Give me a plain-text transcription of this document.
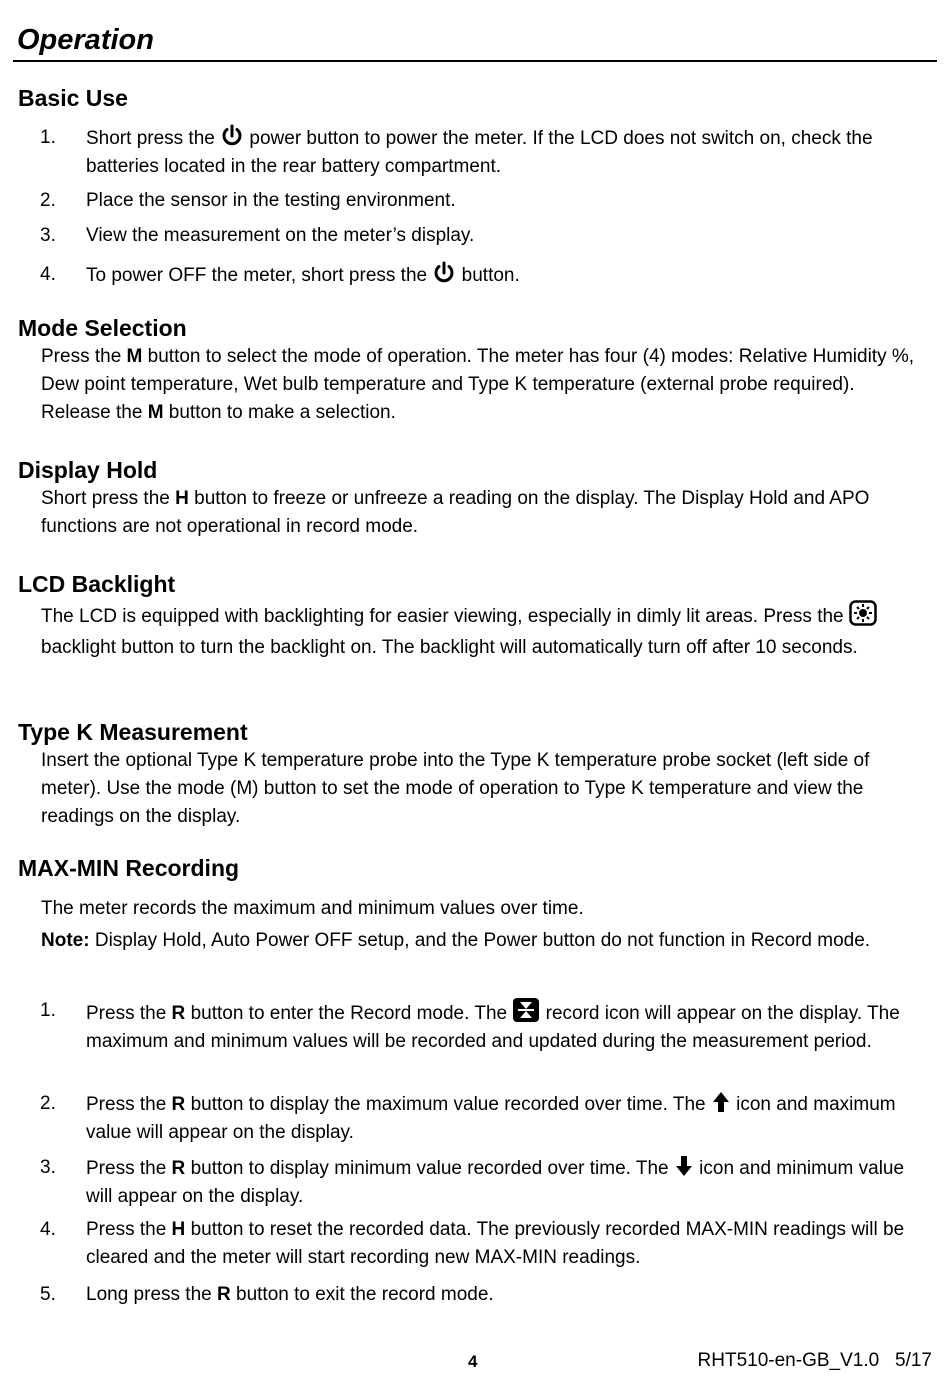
Operation
Basic Use
1. Short press the power button to power the meter. If the LCD does not switch on, check the batteries located in the rear battery compartment.
2. Place the sensor in the testing environment.
3. View the measurement on the meter’s display.
4. To power OFF the meter, short press the button.
Mode Selection

Press the M button to select the mode of operation. The meter has four (4) modes: Relative Humidity %, Dew point temperature, Wet bulb temperature and Type K temperature (external probe required). Release the M button to make a selection.

Display Hold

Short press the H button to freeze or unfreeze a reading on the display. The Display Hold and APO functions are not operational in record mode.

LCD Backlight

The LCD is equipped with backlighting for easier viewing, especially in dimly lit areas. Press the  backlight button to turn the backlight on. The backlight will automatically turn off after 10 seconds.

Type K Measurement

Insert the optional Type K temperature probe into the Type K temperature probe socket (left side of meter). Use the mode (M) button to set the mode of operation to Type K temperature and view the readings on the display.

MAX-MIN Recording

The meter records the maximum and minimum values over time.

Note: Display Hold, Auto Power OFF setup, and the Power button do not function in Record mode.

1. Press the R button to enter the Record mode. The record icon will appear on the display. The maximum and minimum values will be recorded and updated during the measurement period.
2. Press the R button to display the maximum value recorded over time. The icon and maximum value will appear on the display.
3. Press the R button to display minimum value recorded over time. The icon and minimum value will appear on the display.
4. Press the H button to reset the recorded data. The previously recorded MAX-MIN readings will be cleared and the meter will start recording new MAX-MIN readings.
5. Long press the R button to exit the record mode.
4	RHT510-en-GB_V1.0   5/17
